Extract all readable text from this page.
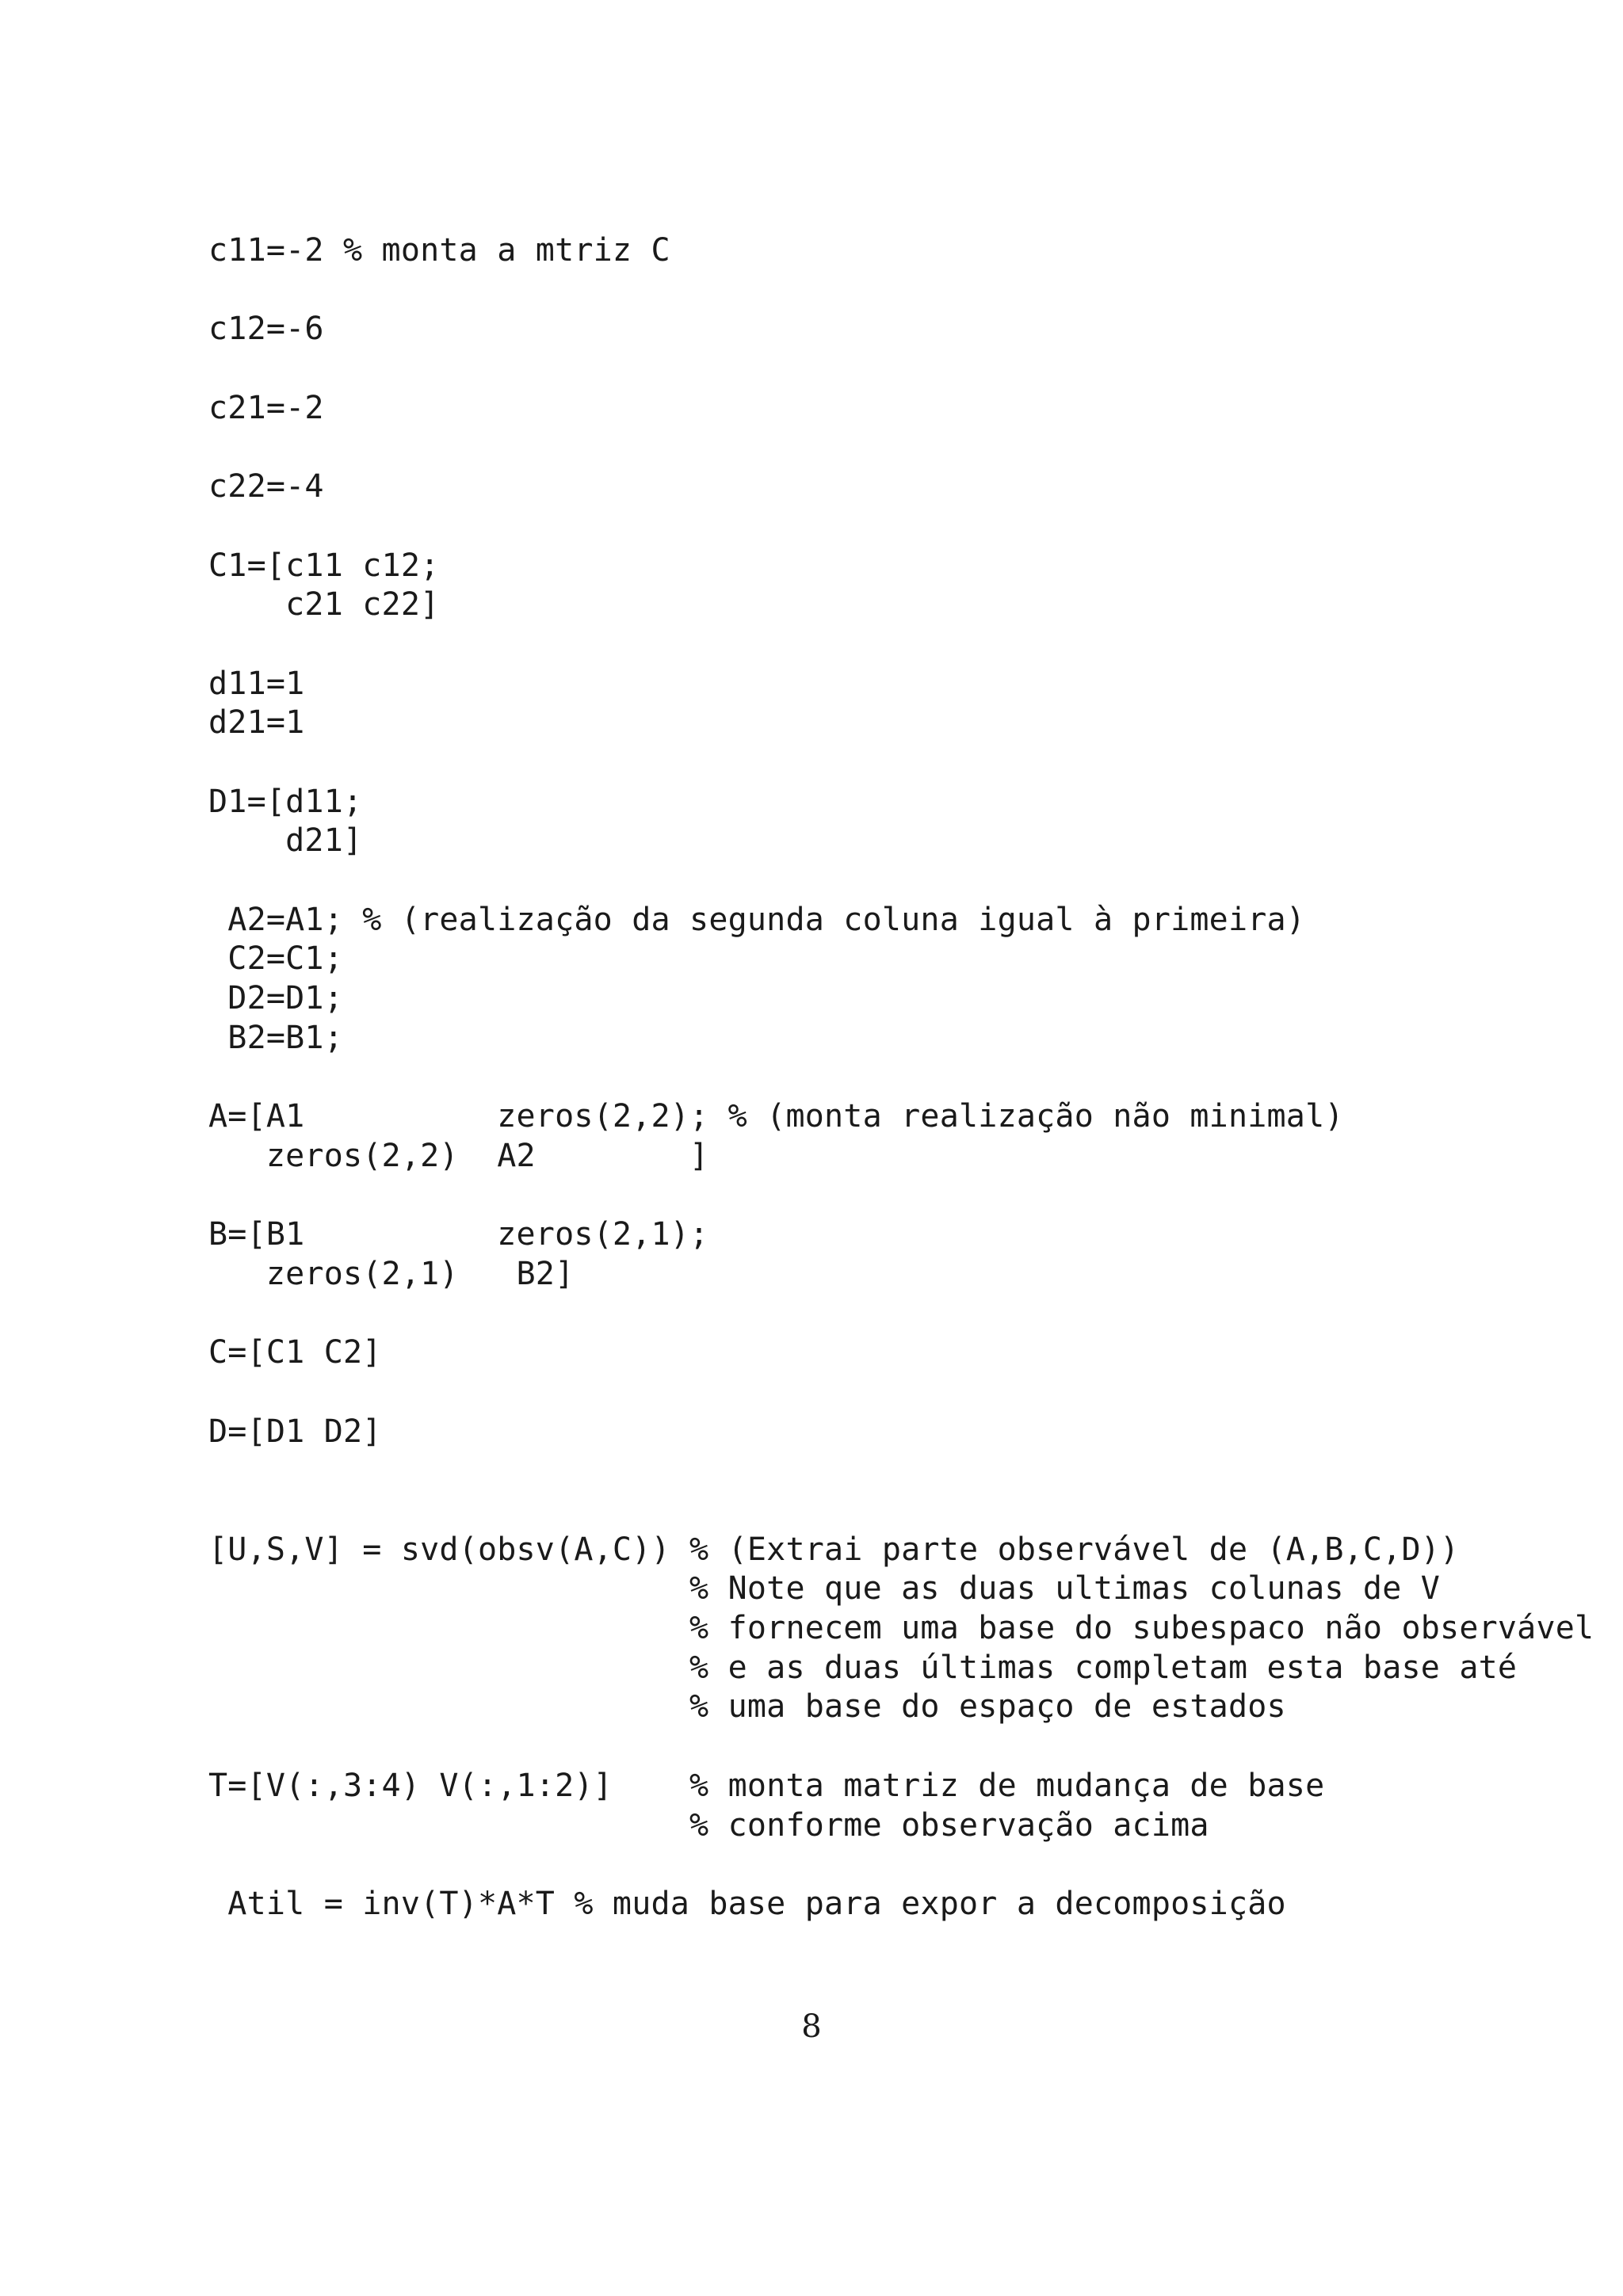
c11=-2 % monta a mtriz C
c12=-6
c21=-2
c22=-4
C1=[c11 c12;
c21 c22]
d11=1
d21=1
D1=[d11;
d21]
A2=A1; % (realização da segunda coluna igual à primeira)
C2=C1;
D2=D1;
B2=B1;
A=[A1          zeros(2,2); % (monta realização não minimal)
zeros(2,2)  A2        ]
B=[B1          zeros(2,1);
zeros(2,1)   B2]
C=[C1 C2]
D=[D1 D2]
[U,S,V] = svd(obsv(A,C)) % (Extrai parte observável de (A,B,C,D))
% Note que as duas ultimas colunas de V
% fornecem uma base do subespaco não observável
% e as duas últimas completam esta base até
% uma base do espaço de estados
T=[V(:,3:4) V(:,1:2)]    % monta matriz de mudança de base
% conforme observação acima
Atil = inv(T)*A*T % muda base para expor a decomposição
8
